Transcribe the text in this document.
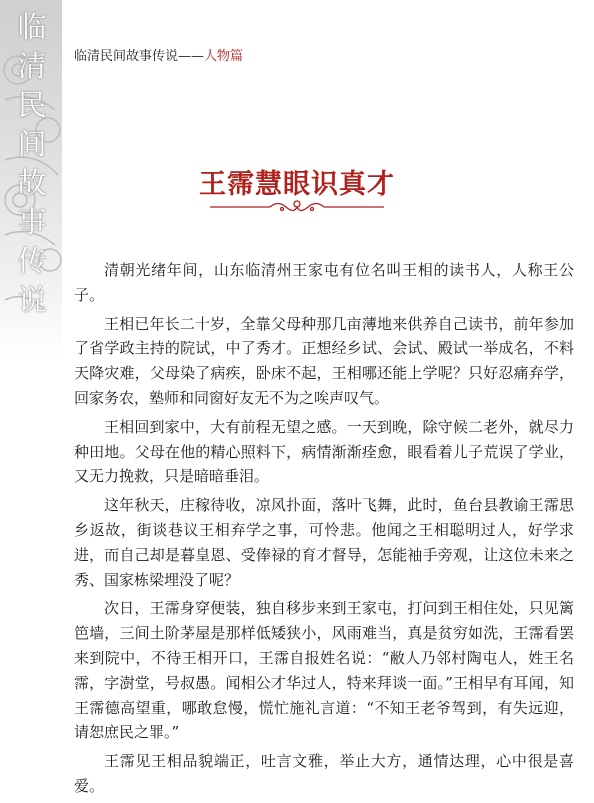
临
清
民
间
故
事
传
说
临清民间故事传说——人物篇
王霈慧眼识真才

清朝光绪年间，山东临清州王家屯有位名叫王相的读书人，人称王公子。

王相已年长二十岁，全靠父母种那几亩薄地来供养自己读书，前年参加了省学政主持的院试，中了秀才。正想经乡试、会试、殿试一举成名，不料天降灾难，父母染了病疾，卧床不起，王相哪还能上学呢？只好忍痛弃学，回家务农，塾师和同窗好友无不为之唉声叹气。

王相回到家中，大有前程无望之感。一天到晚，除守候二老外，就尽力种田地。父母在他的精心照料下，病情渐渐痊愈，眼看着儿子荒误了学业，又无力挽救，只是暗暗垂泪。

这年秋天，庄稼待收，凉风扑面，落叶飞舞，此时，鱼台县教谕王霈思乡返故，街谈巷议王相弃学之事，可怜悲。他闻之王相聪明过人，好学求进，而自己却是暮皇恩、受俸禄的育才督导，怎能袖手旁观，让这位未来之秀、国家栋梁埋没了呢？

次日，王霈身穿便装，独自移步来到王家屯，打问到王相住处，只见篱笆墙，三间土阶茅屋是那样低矮狭小，风雨难当，真是贫穷如洗，王霈看罢来到院中，不待王相开口，王霈自报姓名说：“敝人乃邻村陶屯人，姓王名霈，字澍堂，号叔愚。闻相公才华过人，特来拜谈一面。”王相早有耳闻，知王霈德高望重，哪敢怠慢，慌忙施礼言道：“不知王老爷驾到，有失远迎，请恕庶民之罪。”

王霈见王相品貌端正，吐言文雅，举止大方，通情达理，心中很是喜爱。
